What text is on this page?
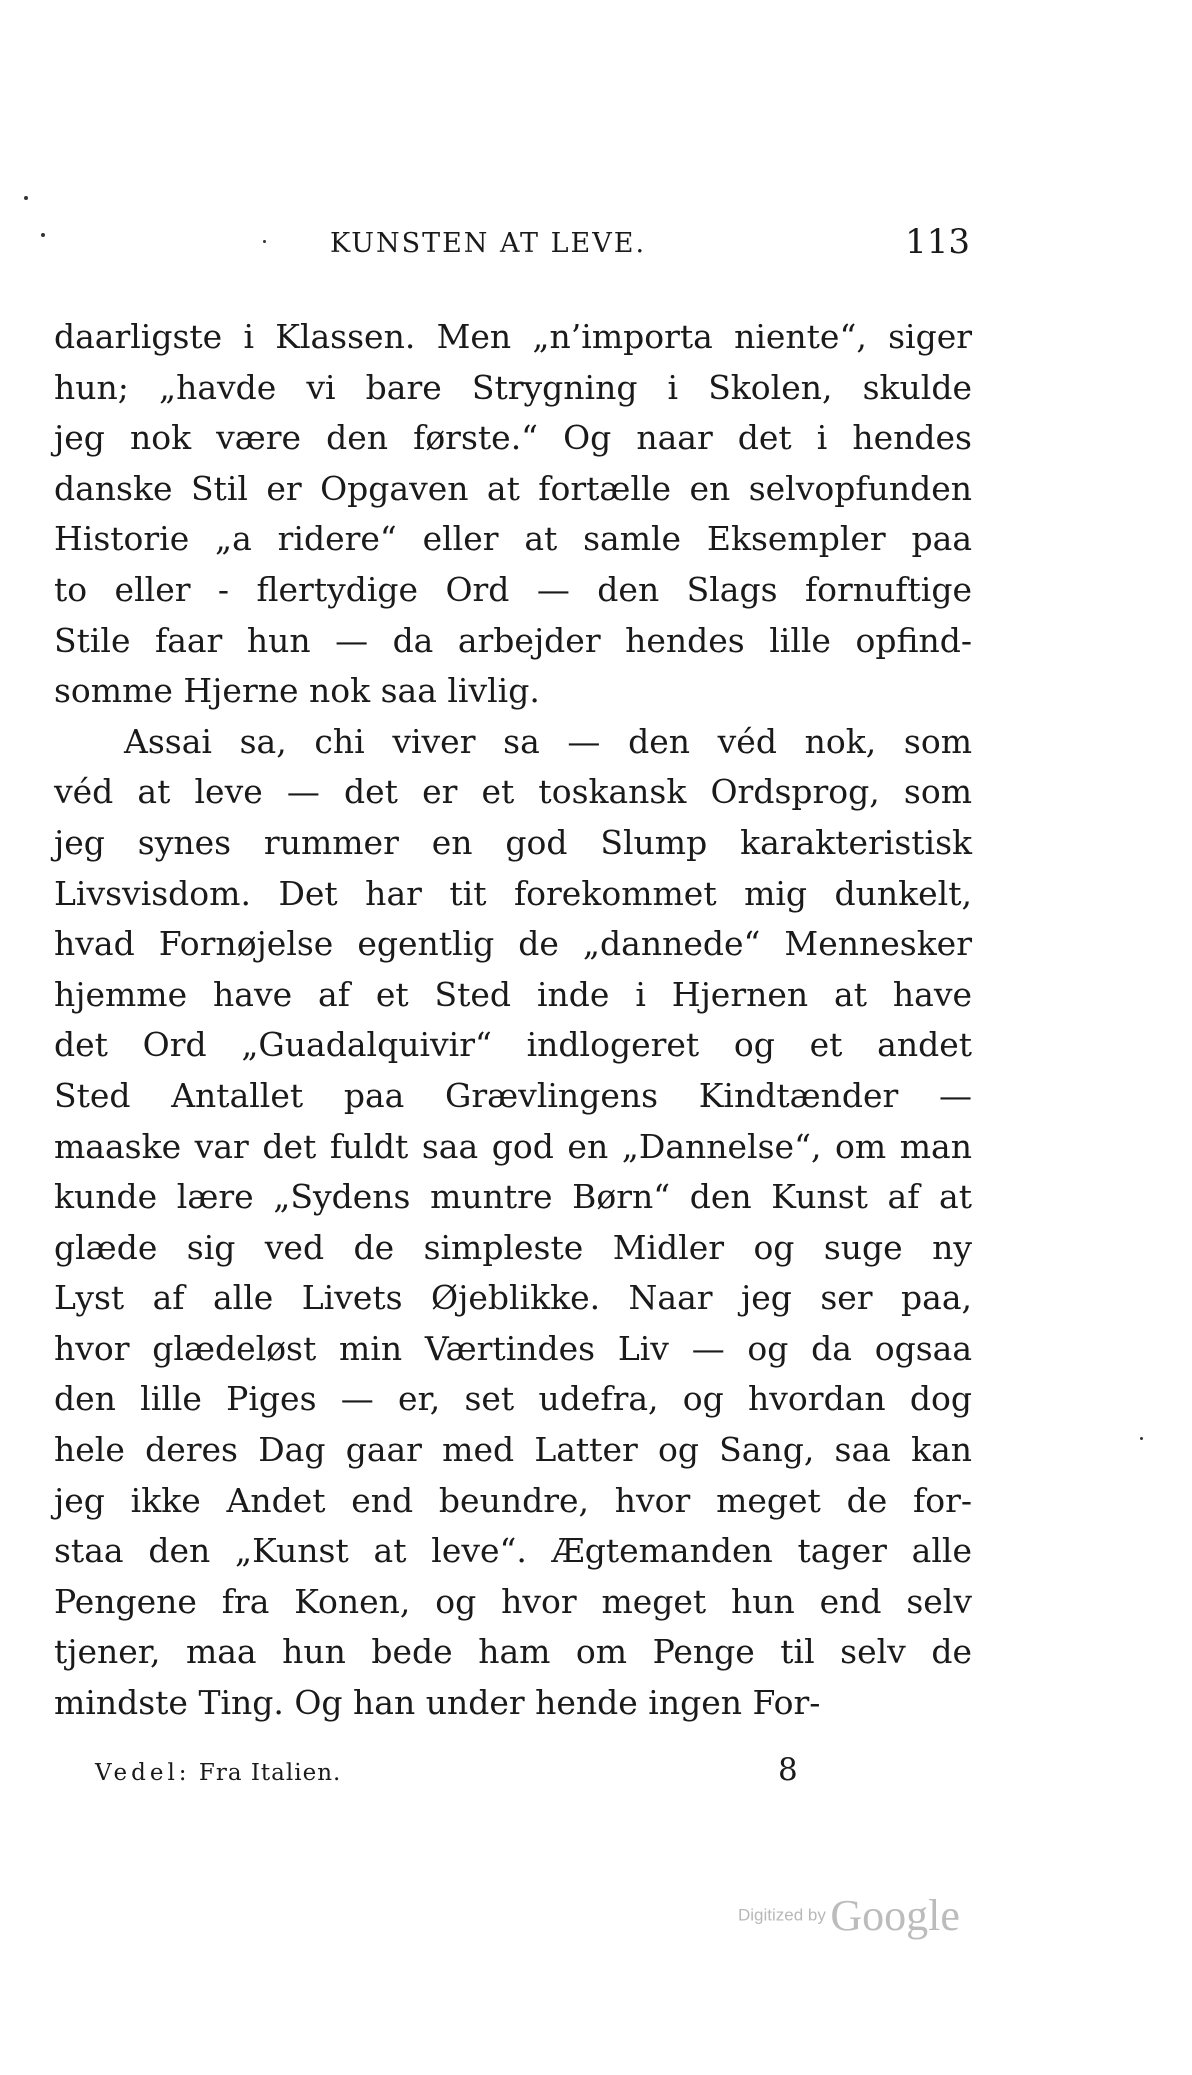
KUNSTEN AT LEVE.	113
daarligste i Klassen. Men „n’importa niente“, siger
hun; „havde vi bare Strygning i Skolen, skulde
jeg nok være den første.“ Og naar det i hendes
danske Stil er Opgaven at fortælle en selvopfunden
Historie „a ridere“ eller at samle Eksempler paa
to eller - flertydige Ord — den Slags fornuftige
Stile faar hun — da arbejder hendes lille opfind-
somme Hjerne nok saa livlig.
Assai sa, chi viver sa — den véd nok, som
véd at leve — det er et toskansk Ordsprog, som
jeg synes rummer en god Slump karakteristisk
Livsvisdom. Det har tit forekommet mig dunkelt,
hvad Fornøjelse egentlig de „dannede“ Mennesker
hjemme have af et Sted inde i Hjernen at have
det Ord „Guadalquivir“ indlogeret og et andet
Sted Antallet paa Grævlingens Kindtænder —
maaske var det fuldt saa god en „Dannelse“, om man
kunde lære „Sydens muntre Børn“ den Kunst af at
glæde sig ved de simpleste Midler og suge ny
Lyst af alle Livets Øjeblikke. Naar jeg ser paa,
hvor glædeløst min Værtindes Liv — og da ogsaa
den lille Piges — er, set udefra, og hvordan dog
hele deres Dag gaar med Latter og Sang, saa kan
jeg ikke Andet end beundre, hvor meget de for-
staa den „Kunst at leve“. Ægtemanden tager alle
Pengene fra Konen, og hvor meget hun end selv
tjener, maa hun bede ham om Penge til selv de
mindste Ting. Og han under hende ingen For-
Vedel: Fra Italien.	8
Digitized by Google
